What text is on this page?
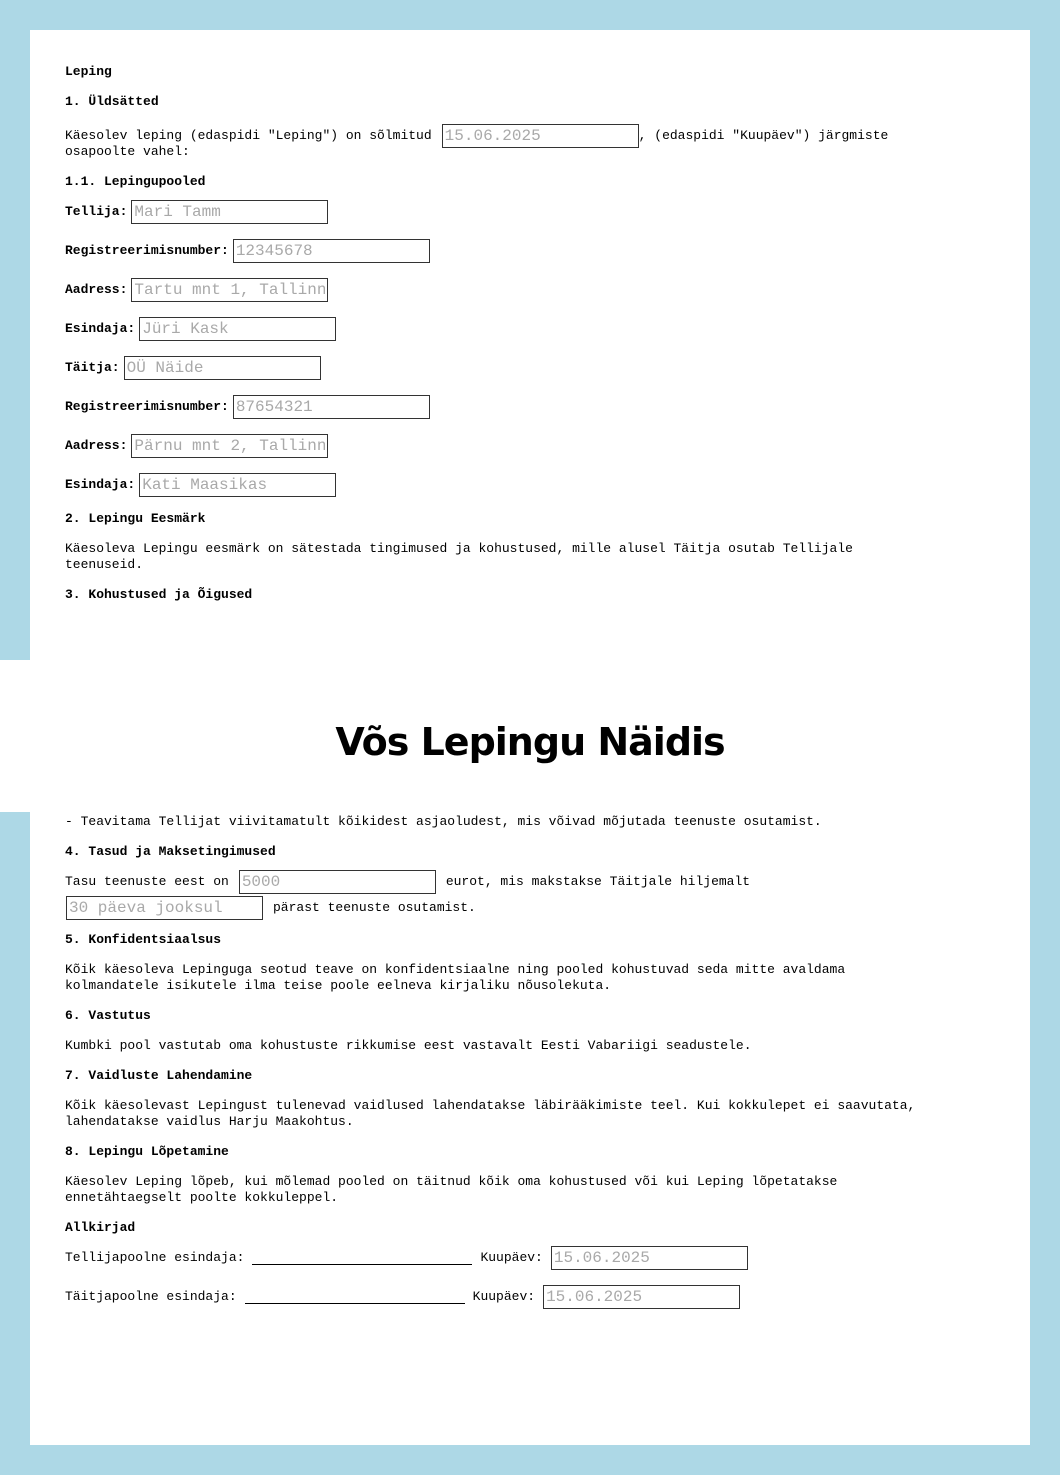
Leping

1. Üldsätted

Käesolev leping (edaspidi "Leping") on sõlmitud
15.06.2025	, (edaspidi "Kuupäev") järgmiste

osapoolte vahel:

1.1. Lepingupooled

Tellija:
Mari Tamm
Registreerimisnumber:
12345678
Aadress:
Tartu mnt 1, Tallinn
Esindaja:
Jüri Kask
Täitja:
OÜ Näide
Registreerimisnumber:
87654321
Aadress:
Pärnu mnt 2, Tallinn
Esindaja:
Kati Maasikas

2. Lepingu Eesmärk

Käesoleva Lepingu eesmärk on sätestada tingimused ja kohustused, mille alusel Täitja osutab Tellijale teenuseid.

3. Kohustused ja Õigused

Võs Lepingu Näidis

- Teavitama Tellijat viivitamatult kõikidest asjaoludest, mis võivad mõjutada teenuste osutamist.

4. Tasud ja Maksetingimused

Tasu teenuste eest on
5000	eurot, mis makstakse Täitjale hiljemalt
30 päeva jooksul
pärast teenuste osutamist.

5. Konfidentsiaalsus

Kõik käesoleva Lepinguga seotud teave on konfidentsiaalne ning pooled kohustuvad seda mitte avaldama kolmandatele isikutele ilma teise poole eelneva kirjaliku nõusolekuta.

6. Vastutus

Kumbki pool vastutab oma kohustuste rikkumise eest vastavalt Eesti Vabariigi seadustele.

7. Vaidluste Lahendamine

Kõik käesolevast Lepingust tulenevad vaidlused lahendatakse läbirääkimiste teel. Kui kokkulepet ei saavutata, lahendatakse vaidlus Harju Maakohtus.

8. Lepingu Lõpetamine

Käesolev Leping lõpeb, kui mõlemad pooled on täitnud kõik oma kohustused või kui Leping lõpetatakse ennetähtaegselt poolte kokkuleppel.

Allkirjad

Tellijapoolne esindaja:	Kuupäev:
15.06.2025
Täitjapoolne esindaja:	Kuupäev:
15.06.2025
